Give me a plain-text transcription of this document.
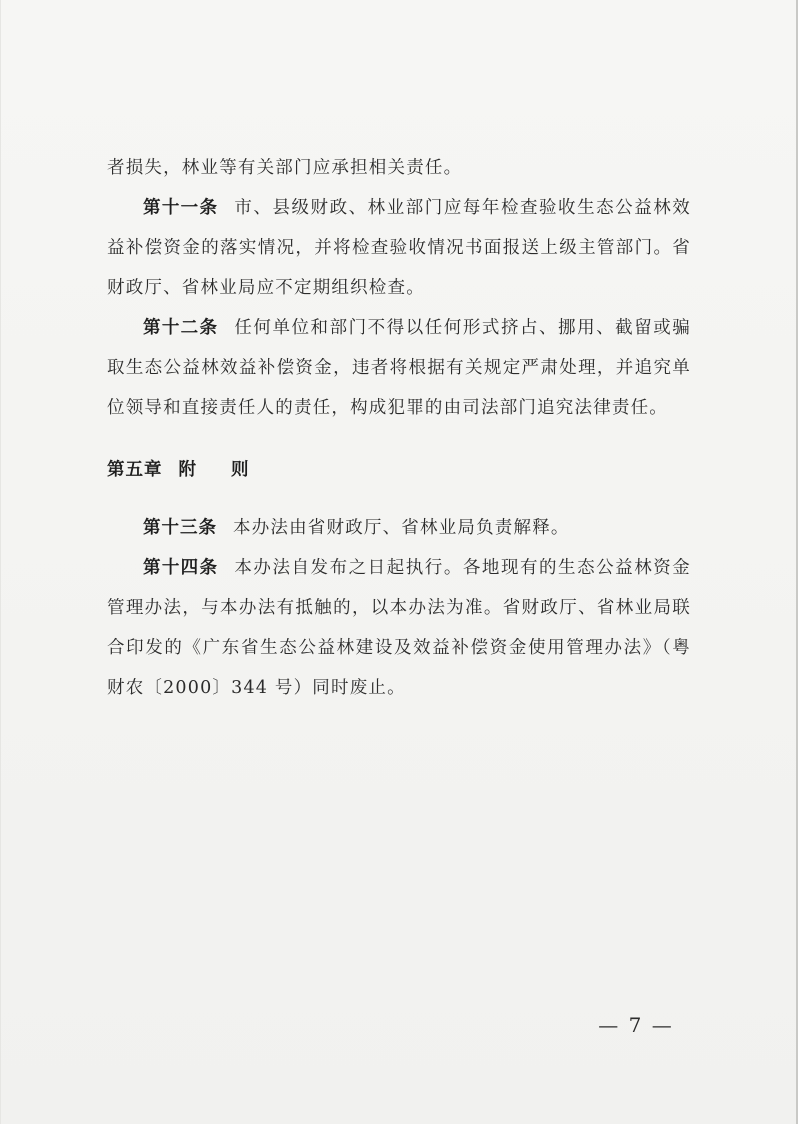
者损失，林业等有关部门应承担相关责任。

第十一条 市、县级财政、林业部门应每年检查验收生态公益林效益补偿资金的落实情况，并将检查验收情况书面报送上级主管部门。省财政厅、省林业局应不定期组织检查。

第十二条 任何单位和部门不得以任何形式挤占、挪用、截留或骗取生态公益林效益补偿资金，违者将根据有关规定严肃处理，并追究单位领导和直接责任人的责任，构成犯罪的由司法部门追究法律责任。

第五章 附 则

第十三条 本办法由省财政厅、省林业局负责解释。

第十四条 本办法自发布之日起执行。各地现有的生态公益林资金管理办法，与本办法有抵触的，以本办法为准。省财政厅、省林业局联合印发的《广东省生态公益林建设及效益补偿资金使用管理办法》（粤财农〔2000〕344 号）同时废止。

— 7 —
